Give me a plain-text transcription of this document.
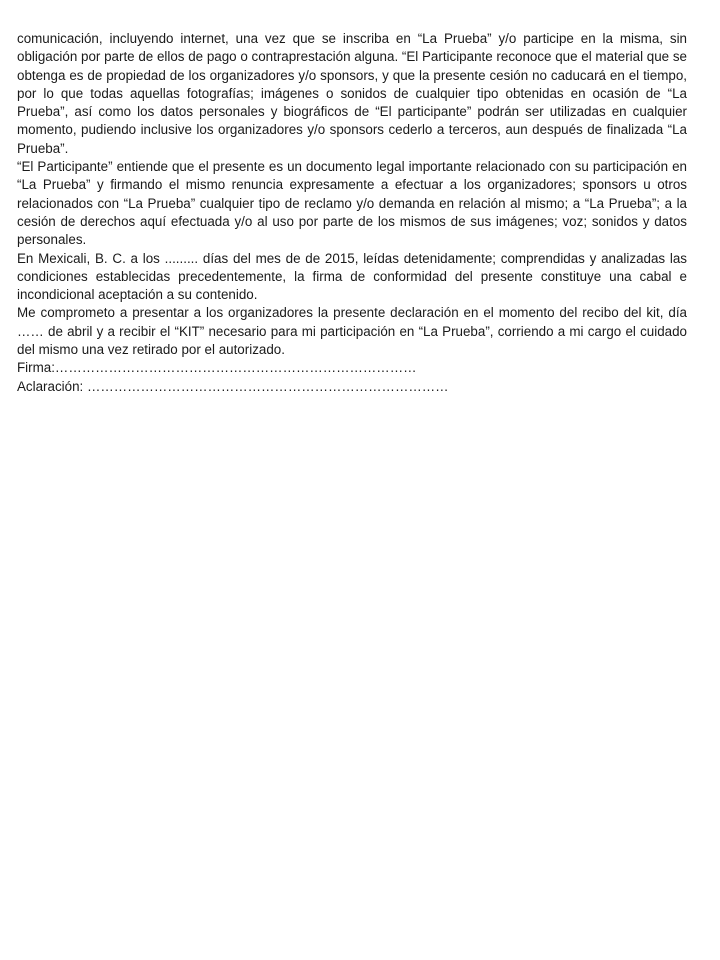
comunicación, incluyendo internet, una vez que se inscriba en “La Prueba” y/o participe en la misma, sin obligación por parte de ellos de pago o contraprestación alguna. “El Participante reconoce que el material que se obtenga es de propiedad de los organizadores y/o sponsors, y que la presente cesión no caducará en el tiempo, por lo que todas aquellas fotografías; imágenes o sonidos de cualquier tipo obtenidas en ocasión de “La Prueba”, así como los datos personales y biográficos de “El participante” podrán ser utilizadas en cualquier momento, pudiendo inclusive los organizadores y/o sponsors cederlo a terceros, aun después de finalizada “La Prueba”.

“El Participante” entiende que el presente es un documento legal importante relacionado con su participación en “La Prueba” y firmando el mismo renuncia expresamente a efectuar a los organizadores; sponsors u otros relacionados con “La Prueba” cualquier tipo de reclamo y/o demanda en relación al mismo; a “La Prueba”; a la cesión de derechos aquí efectuada y/o al uso por parte de los mismos de sus imágenes; voz; sonidos y datos personales.

En Mexicali, B. C. a los ......... días del mes de de 2015, leídas detenidamente; comprendidas y analizadas las condiciones establecidas precedentemente, la firma de conformidad del presente constituye una cabal e incondicional aceptación a su contenido.

Me comprometo a presentar a los organizadores la presente declaración en el momento del recibo del kit, día …… de abril y a recibir el “KIT” necesario para mi participación en “La Prueba”, corriendo a mi cargo el cuidado del mismo una vez retirado por el autorizado.

Firma:………………………………………………………………………

Aclaración: ………………………………………………………………………
